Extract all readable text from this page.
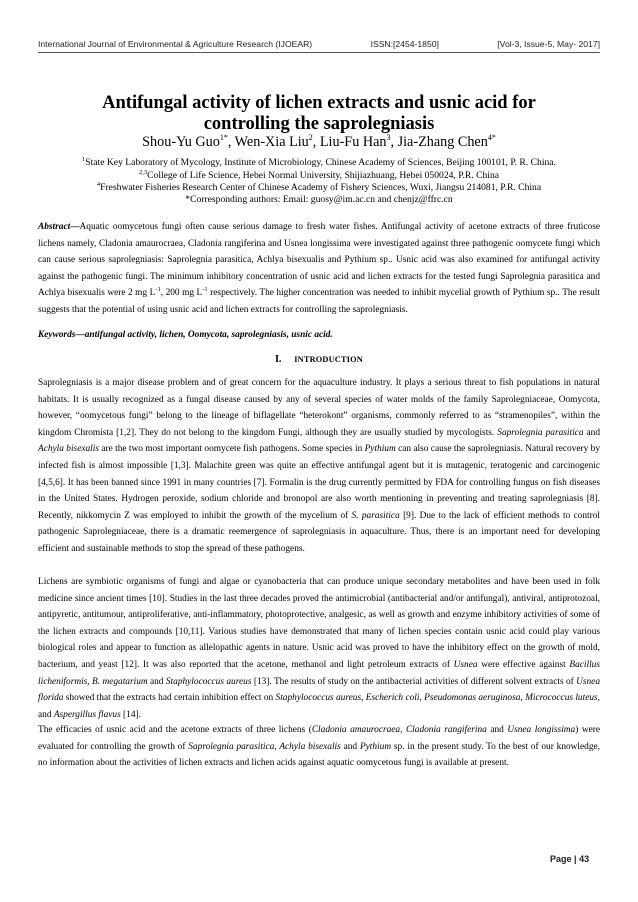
International Journal of Environmental & Agriculture Research (IJOEAR)	ISSN:[2454-1850]	[Vol-3, Issue-5, May- 2017]
Antifungal activity of lichen extracts and usnic acid for controlling the saprolegniasis
Shou-Yu Guo$^{1*}$, Wen-Xia Liu$^2$, Liu-Fu Han$^3$, Jia-Zhang Chen$^{4*}$
$^1$State Key Laboratory of Mycology, Institute of Microbiology, Chinese Academy of Sciences, Beijing 100101, P. R. China.
$^{2,3}$College of Life Science, Hebei Normal University, Shijiazhuang, Hebei 050024, P.R. China
$^4$Freshwater Fisheries Research Center of Chinese Academy of Fishery Sciences, Wuxi, Jiangsu 214081, P.R. China
*Corresponding authors: Email: guosy@im.ac.cn and chenjz@ffrc.cn
Abstract—Aquatic oomycetous fungi often cause serious damage to fresh water fishes. Antifungal activity of acetone extracts of three fruticose lichens namely, Cladonia amaurocraea, Cladonia rangiferina and Usnea longissima were investigated against three pathogenic oomycete fungi which can cause serious saprolegniasis: Saprolegnia parasitica, Achlya bisexualis and Pythium sp.. Usnic acid was also examined for antifungal activity against the pathogenic fungi. The minimum inhibitory concentration of usnic acid and lichen extracts for the tested fungi Saprolegnia parasitica and Achlya bisexualis were 2 mg $L^{-1}$, 200 mg $L^{-1}$ respectively. The higher concentration was needed to inhibit mycelial growth of Pythium sp.. The result suggests that the potential of using usnic acid and lichen extracts for controlling the saprolegniasis.
Keywords—antifungal activity, lichen, Oomycota, saprolegniasis, usnic acid.
I. INTRODUCTION

Saprolegniasis is a major disease problem and of great concern for the aquaculture industry. It plays a serious threat to fish populations in natural habitats. It is usually recognized as a fungal disease caused by any of several species of water molds of the family Saprolegniaceae, Oomycota, however, “oomycetous fungi” belong to the lineage of biflagellate “heterokont” organisms, commonly referred to as “stramenopiles”, within the kingdom Chromista [1,2]. They do not belong to the kingdom Fungi, although they are usually studied by mycologists. Saprolegnia parasitica and Achyla bisexalis are the two most important oomycete fish pathogens. Some species in Pythium can also cause the saprolegniasis. Natural recovery by infected fish is almost impossible [1,3]. Malachite green was quite an effective antifungal agent but it is mutagenic, teratogenic and carcinogenic [4,5,6]. It has been banned since 1991 in many countries [7]. Formalin is the drug currently permitted by FDA for controlling fungus on fish diseases in the United States. Hydrogen peroxide, sodium chloride and bronopol are also worth mentioning in preventing and treating saprolegniasis [8]. Recently, nikkomycin Z was employed to inhibit the growth of the mycelium of S. parasitica [9]. Due to the lack of efficient methods to control pathogenic Saprolegniaceae, there is a dramatic reemergence of saprolegniasis in aquaculture. Thus, there is an important need for developing efficient and sustainable methods to stop the spread of these pathogens.

Lichens are symbiotic organisms of fungi and algae or cyanobacteria that can produce unique secondary metabolites and have been used in folk medicine since ancient times [10]. Studies in the last three decades proved the antimicrobial (antibacterial and/or antifungal), antiviral, antiprotozoal, antipyretic, antitumour, antiproliferative, anti-inflammatory, photoprotective, analgesic, as well as growth and enzyme inhibitory activities of some of the lichen extracts and compounds [10,11]. Various studies have demonstrated that many of lichen species contain usnic acid could play various biological roles and appear to function as allelopathic agents in nature. Usnic acid was proved to have the inhibitory effect on the growth of mold, bacterium, and yeast [12]. It was also reported that the acetone, methanol and light petroleum extracts of Usnea were effective against Bacillus licheniformis, B. megatarium and Staphylococcus aureus [13]. The results of study on the antibacterial activities of different solvent extracts of Usnea florida showed that the extracts had certain inhibition effect on Staphylococcus aureus, Escherich coli, Pseudomonas aeruginosa, Micrococcus luteus, and Aspergillus flavus [14].

The efficacies of usnic acid and the acetone extracts of three lichens (Cladonia amaurocraea, Cladonia rangiferina and Usnea longissima) were evaluated for controlling the growth of Saprolegnia parasitica, Achyla bisexalis and Pythium sp. in the present study. To the best of our knowledge, no information about the activities of lichen extracts and lichen acids against aquatic oomycetous fungi is available at present.

Page | 43
